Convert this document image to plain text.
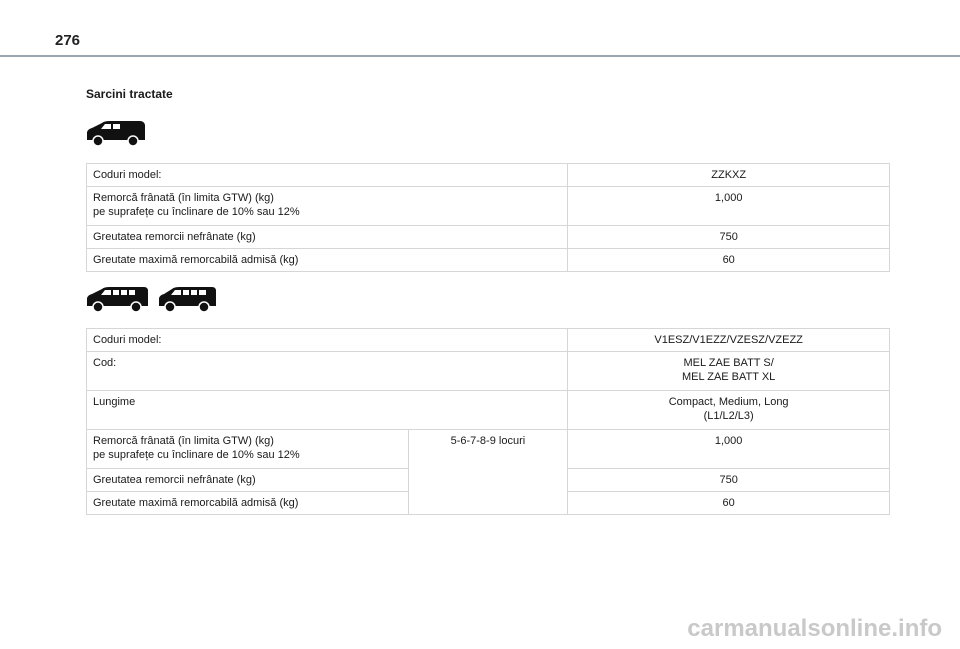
276
Sarcini tractate
Coduri model:	ZZKXZ

Remorcă frânată (în limita GTW) (kg)
pe suprafețe cu înclinare de 10% sau 12%	1,000
Greutatea remorcii nefrânate (kg)	750
Greutate maximă remorcabilă admisă (kg)	60
Coduri model:		V1ESZ/V1EZZ/VZESZ/VZEZZ
Cod:		MEL ZAE BATT S/
MEL ZAE BATT XL

Lungime		Compact, Medium, Long
(L1/L2/L3)

Remorcă frânată (în limita GTW) (kg)
pe suprafețe cu înclinare de 10% sau 12%	5-6-7-8-9 locuri	1,000
Greutatea remorcii nefrânate (kg)		750
Greutate maximă remorcabilă admisă (kg)		60
carmanualsonline.info
